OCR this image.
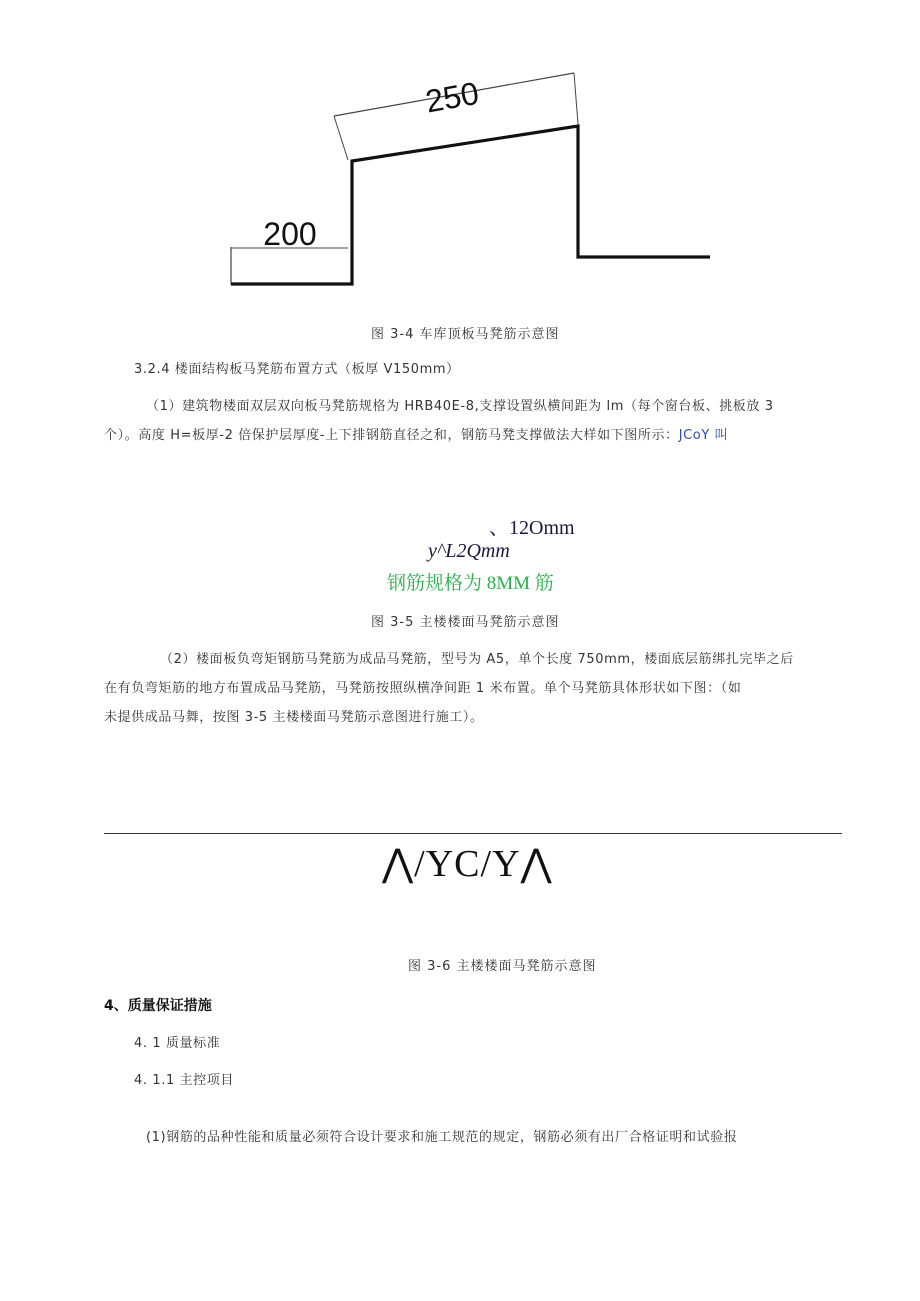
250
200
图 3-4 车库顶板马凳筋示意图
3.2.4 楼面结构板马凳筋布置方式（板厚 V150mm）
（1）建筑物楼面双层双向板马凳筋规格为 HRB40E-8,支撑设置纵横间距为 lm（每个窗台板、挑板放 3
个）。高度 H=板厚-2 倍保护层厚度-上下排钢筋直径之和，钢筋马凳支撑做法大样如下图所示：JCoY 叫
、12Omm
y^L2Qmm
钢筋规格为 8MM 筋
图 3-5 主楼楼面马凳筋示意图
（2）楼面板负弯矩钢筋马凳筋为成品马凳筋，型号为 A5，单个长度 750mm，楼面底层筋绑扎完毕之后
在有负弯矩筋的地方布置成品马凳筋，马凳筋按照纵横净间距 1 米布置。单个马凳筋具体形状如下图：（如
未提供成品马舞，按图 3-5 主楼楼面马凳筋示意图进行施工）。
⋀/YC/Y⋀
图 3-6 主楼楼面马凳筋示意图
4、质量保证措施
4. 1 质量标准
4. 1.1 主控项目
(1)钢筋的品种性能和质量必须符合设计要求和施工规范的规定，钢筋必须有出厂合格证明和试验报
